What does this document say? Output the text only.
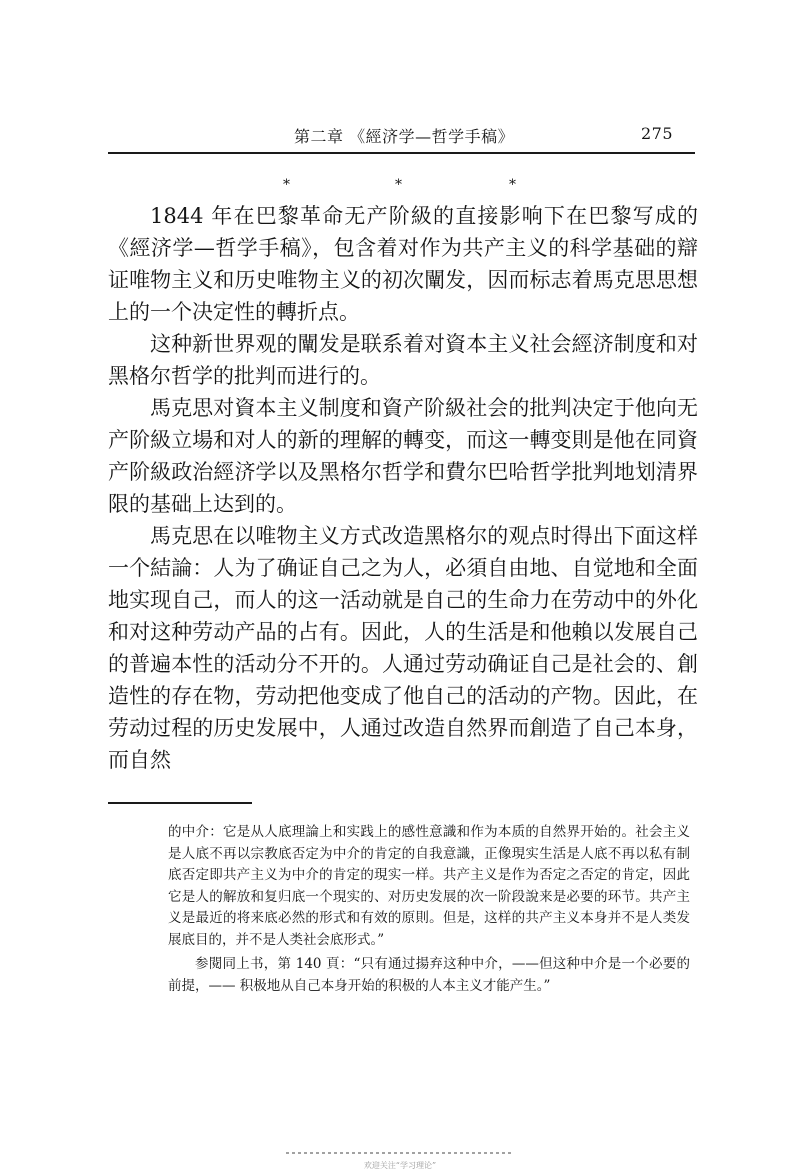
第二章 《經济学—哲学手稿》	275
*	*	*

1844 年在巴黎革命无产阶級的直接影响下在巴黎写成的《經济学—哲学手稿》，包含着对作为共产主义的科学基础的辯证唯物主义和历史唯物主义的初次闡发，因而标志着馬克思思想上的一个决定性的轉折点。

这种新世界观的闡发是联系着对資本主义社会經济制度和对黑格尔哲学的批判而进行的。

馬克思对資本主义制度和資产阶級社会的批判决定于他向无产阶級立場和对人的新的理解的轉变，而这一轉变則是他在同資产阶級政治經济学以及黑格尔哲学和費尔巴哈哲学批判地划清界限的基础上达到的。

馬克思在以唯物主义方式改造黑格尔的观点时得出下面这样一个結論：人为了确证自己之为人，必須自由地、自觉地和全面地实现自己，而人的这一活动就是自己的生命力在劳动中的外化和对这种劳动产品的占有。因此，人的生活是和他賴以发展自己的普遍本性的活动分不开的。人通过劳动确证自己是社会的、創造性的存在物，劳动把他变成了他自己的活动的产物。因此，在劳动过程的历史发展中，人通过改造自然界而創造了自己本身，而自然

的中介：它是从人底理論上和实践上的感性意識和作为本质的自然界开始的。社会主义是人底不再以宗教底否定为中介的肯定的自我意識，正像現实生活是人底不再以私有制底否定即共产主义为中介的肯定的現实一样。共产主义是作为否定之否定的肯定，因此它是人的解放和复归底一个現实的、对历史发展的次一阶段說来是必要的环节。共产主义是最近的将来底必然的形式和有效的原則。但是，这样的共产主义本身并不是人类发展底目的，并不是人类社会底形式。”

参閱同上书，第 140 頁：“只有通过揚弃这种中介，——但这种中介是一个必要的前提，—— 积极地从自己本身开始的积极的人本主义才能产生。”

欢迎关注“学习理论”
